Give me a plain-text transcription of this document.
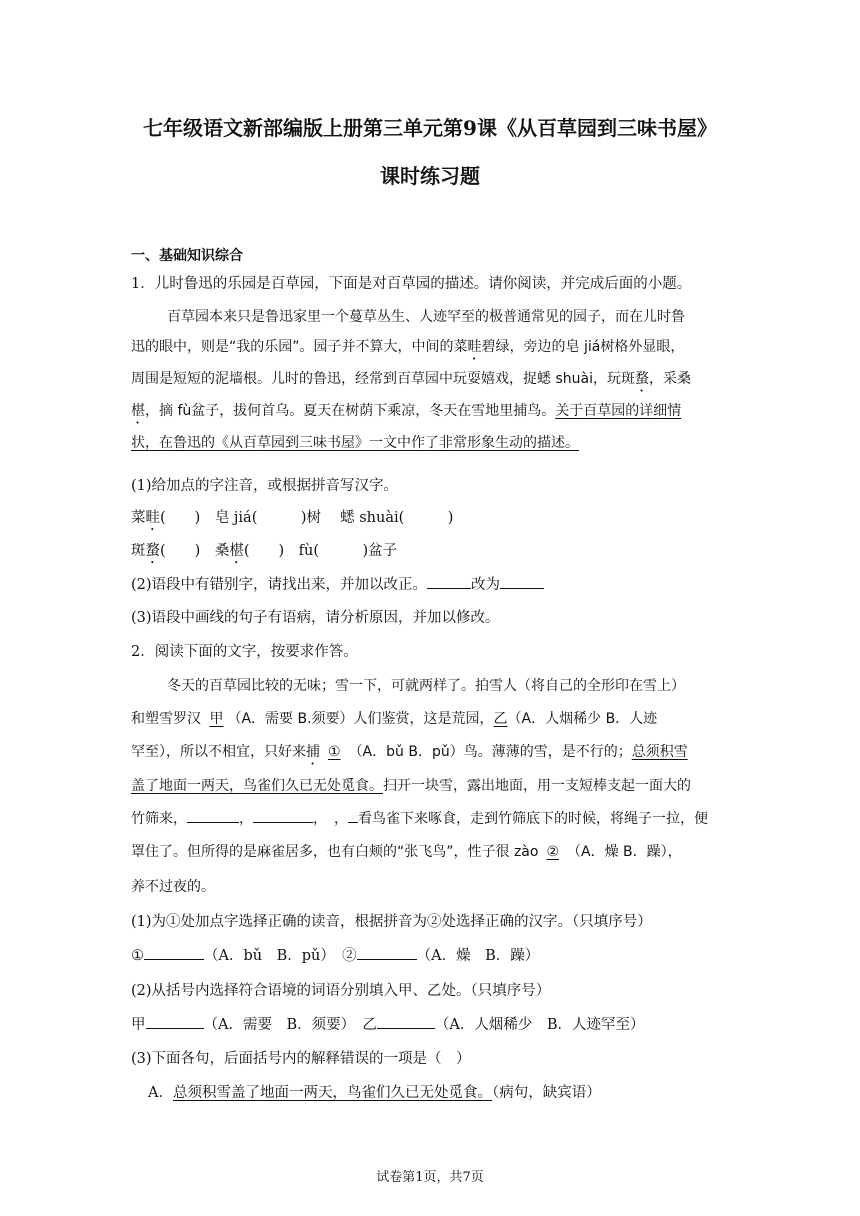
七年级语文新部编版上册第三单元第9课《从百草园到三味书屋》
课时练习题
一、基础知识综合
1．儿时鲁迅的乐园是百草园，下面是对百草园的描述。请你阅读，并完成后面的小题。
百草园本来只是鲁迅家里一个蔓草丛生、人迹罕至的极普通常见的园子，而在儿时鲁
迅的眼中，则是“我的乐园”。园子并不算大，中间的菜畦碧绿，旁边的皂 jiá树格外显眼，
周围是短短的泥墙根。儿时的鲁迅，经常到百草园中玩耍嬉戏，捉蟋 shuài，玩斑蝥，采桑
椹，摘 fù盆子，拔何首乌。夏天在树荫下乘凉，冬天在雪地里捕鸟。关于百草园的详细情
状，在鲁迅的《从百草园到三味书屋》一文中作了非常形象生动的描述。
(1)给加点的字注音，或根据拼音写汉字。
菜畦(　　)　皂 jiá(　　　)树　 蟋 shuài(　　　)
斑蝥(　　)　桑椹(　　)　fù(　　　)盆子
(2)语段中有错别字，请找出来，并加以改正。	改为
(3)语段中画线的句子有语病，请分析原因，并加以修改。
2．阅读下面的文字，按要求作答。
冬天的百草园比较的无味；雪一下，可就两样了。拍雪人（将自己的全形印在雪上）
和塑雪罗汉 甲 （A．需要 B.须要）人们鉴赏，这是荒园，乙（A．人烟稀少 B．人迹
罕至），所以不相宜，只好来捕 ① （A．bǔ B．pǔ）鸟。薄薄的雪，是不行的；总须积雪
盖了地面一两天，鸟雀们久已无处觅食。扫开一块雪，露出地面，用一支短棒支起一面大的
竹筛来，	，	，　， 看鸟雀下来啄食，走到竹筛底下的时候，将绳子一拉，便
罩住了。但所得的是麻雀居多，也有白颊的“张飞鸟”，性子很 zào ② （A．燥 B．躁），
养不过夜的。
(1)为①处加点字选择正确的读音，根据拼音为②处选择正确的汉字。（只填序号）
①	（A．bǔ　B．pǔ）　②	（A．燥　B．躁）
(2)从括号内选择符合语境的词语分别填入甲、乙处。（只填序号）
甲	（A．需要　B．须要）　乙	（A．人烟稀少　B．人迹罕至）
(3)下面各句，后面括号内的解释错误的一项是（　）
A．总须积雪盖了地面一两天，鸟雀们久已无处觅食。（病句，缺宾语）
试卷第1页，共7页
